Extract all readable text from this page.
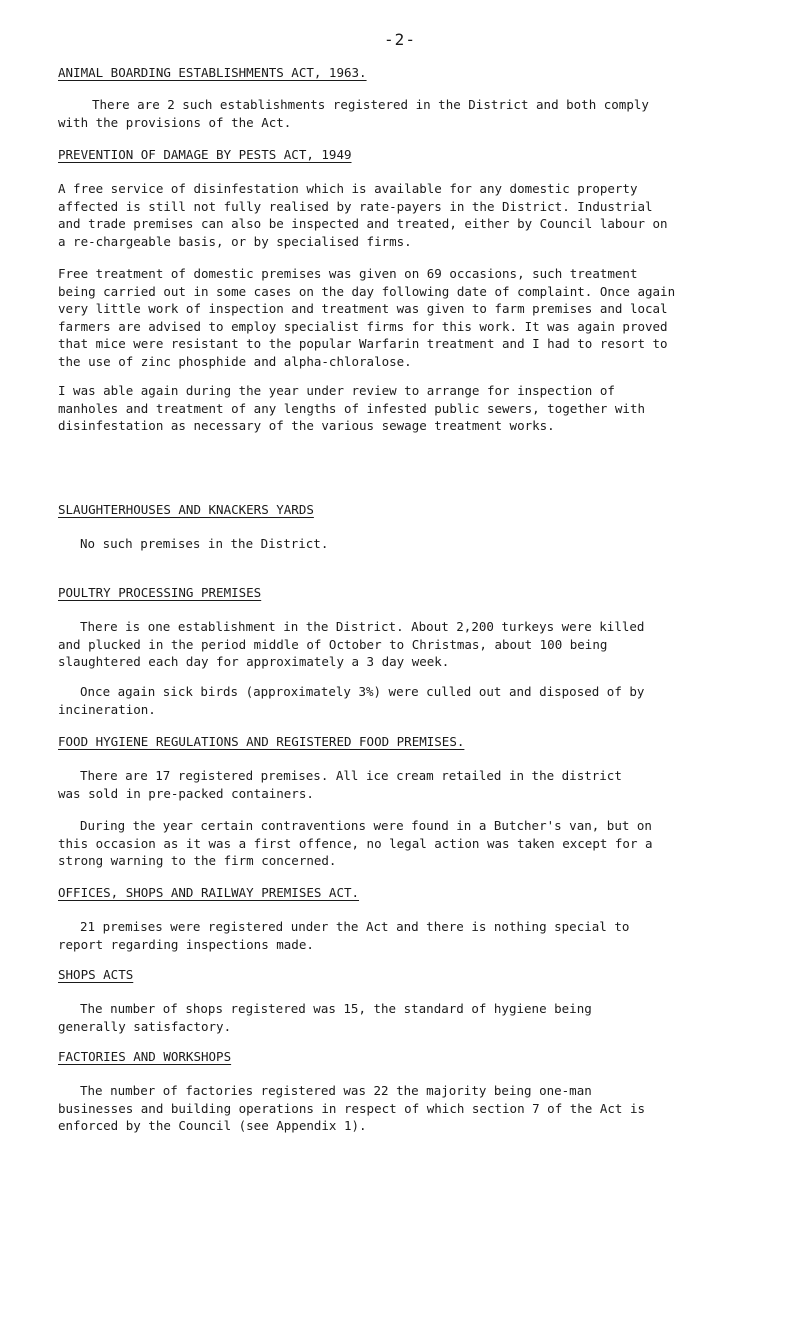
-2-

ANIMAL BOARDING ESTABLISHMENTS ACT, 1963.

There are 2 such establishments registered in the District and both comply
with the provisions of the Act.

PREVENTION OF DAMAGE BY PESTS ACT, 1949

A free service of disinfestation which is available for any domestic property
affected is still not fully realised by rate-payers in the District. Industrial
and trade premises can also be inspected and treated, either by Council labour on
a re-chargeable basis, or by specialised firms.

Free treatment of domestic premises was given on 69 occasions, such treatment
being carried out in some cases on the day following date of complaint. Once again
very little work of inspection and treatment was given to farm premises and local
farmers are advised to employ specialist firms for this work. It was again proved
that mice were resistant to the popular Warfarin treatment and I had to resort to
the use of zinc phosphide and alpha-chloralose.

I was able again during the year under review to arrange for inspection of
manholes and treatment of any lengths of infested public sewers, together with
disinfestation as necessary of the various sewage treatment works.

SLAUGHTERHOUSES AND KNACKERS YARDS

No such premises in the District.

POULTRY PROCESSING PREMISES

There is one establishment in the District. About 2,200 turkeys were killed
and plucked in the period middle of October to Christmas, about 100 being
slaughtered each day for approximately a 3 day week.

Once again sick birds (approximately 3%) were culled out and disposed of by
incineration.

FOOD HYGIENE REGULATIONS AND REGISTERED FOOD PREMISES.

There are 17 registered premises. All ice cream retailed in the district
was sold in pre-packed containers.

During the year certain contraventions were found in a Butcher's van, but on
this occasion as it was a first offence, no legal action was taken except for a
strong warning to the firm concerned.

OFFICES, SHOPS AND RAILWAY PREMISES ACT.

21 premises were registered under the Act and there is nothing special to
report regarding inspections made.

SHOPS ACTS

The number of shops registered was 15, the standard of hygiene being
generally satisfactory.

FACTORIES AND WORKSHOPS

The number of factories registered was 22 the majority being one-man
businesses and building operations in respect of which section 7 of the Act is
enforced by the Council (see Appendix 1).
